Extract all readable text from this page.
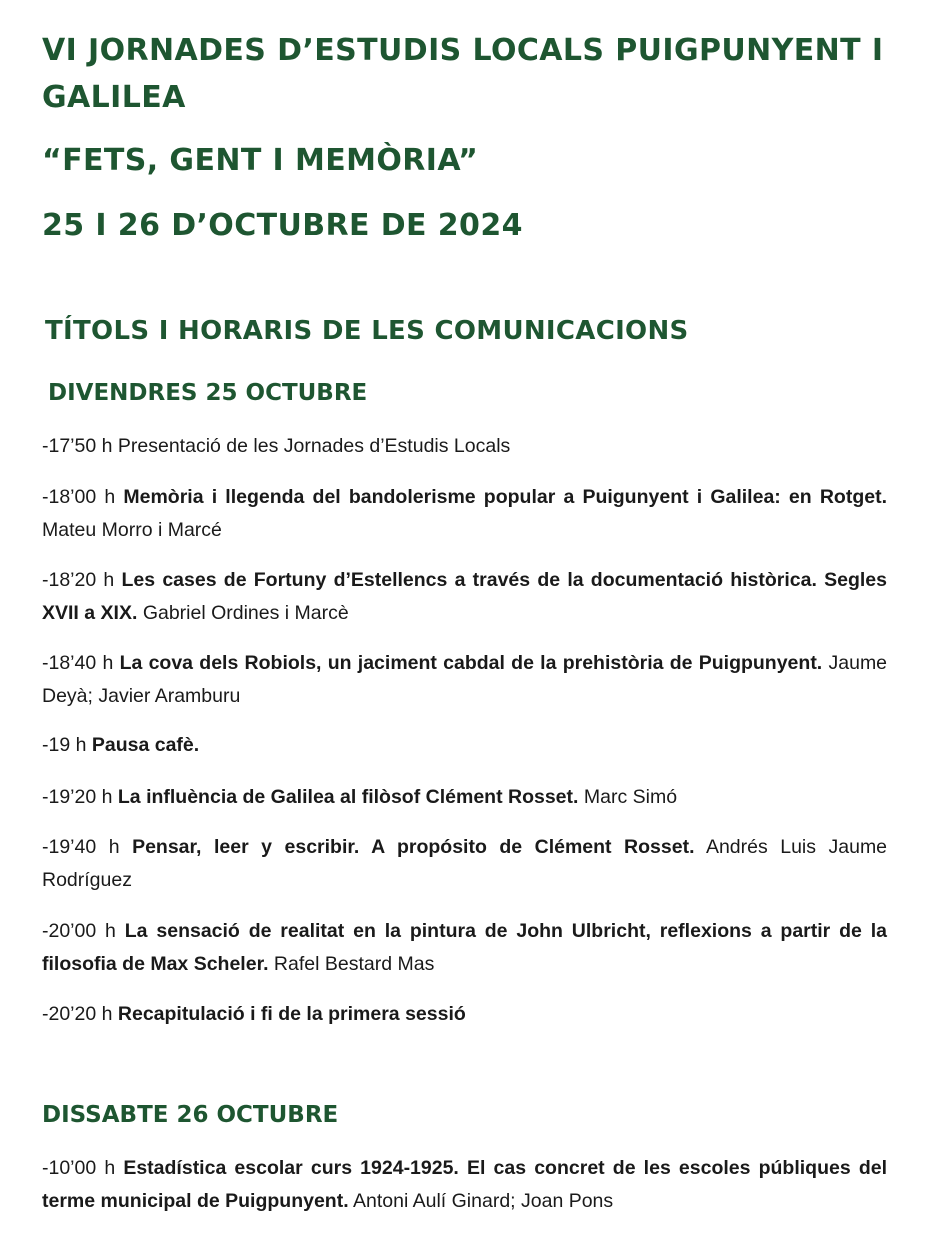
VI JORNADES D’ESTUDIS LOCALS PUIGPUNYENT I
GALILEA
“FETS, GENT I MEMÒRIA”
25 I 26 D’OCTUBRE DE 2024
TÍTOLS I HORARIS DE LES COMUNICACIONS
DIVENDRES 25 OCTUBRE

-17’50 h Presentació de les Jornades d’Estudis Locals

-18’00 h Memòria i llegenda del bandolerisme popular a Puigunyent i Galilea: en Rotget. Mateu Morro i Marcé

-18’20 h Les cases de Fortuny d’Estellencs a través de la documentació històrica. Segles XVII a XIX. Gabriel Ordines i Marcè

-18’40 h La cova dels Robiols, un jaciment cabdal de la prehistòria de Puigpunyent. Jaume Deyà; Javier Aramburu

-19 h Pausa cafè.

-19’20 h La influència de Galilea al filòsof Clément Rosset. Marc Simó

-19’40 h Pensar, leer y escribir. A propósito de Clément Rosset. Andrés Luis Jaume Rodríguez

-20’00 h La sensació de realitat en la pintura de John Ulbricht, reflexions a partir de la filosofia de Max Scheler. Rafel Bestard Mas

-20’20 h Recapitulació i fi de la primera sessió

DISSABTE 26 OCTUBRE

-10’00 h Estadística escolar curs 1924-1925. El cas concret de les escoles públiques del terme municipal de Puigpunyent. Antoni Aulí Ginard; Joan Pons
